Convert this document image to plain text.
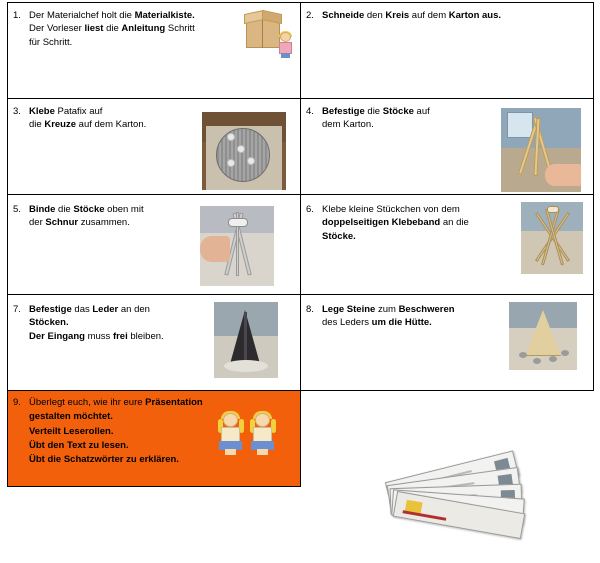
1. Der Materialchef holt die Materialkiste.
Der Vorleser liest die Anleitung Schritt
für Schritt.

2. Schneide den Kreis auf dem Karton aus.

3. Klebe Patafix auf
die Kreuze auf dem Karton.

4. Befestige die Stöcke auf
dem Karton.

5. Binde die Stöcke oben mit
der Schnur zusammen.

6. Klebe kleine Stückchen von dem
doppelseitigen Klebeband an die
Stöcke.

7. Befestige das Leder an den
Stöcken.
Der Eingang muss frei bleiben.

8. Lege Steine zum Beschweren
des Leders um die Hütte.

9. Überlegt euch, wie ihr eure Präsentation
gestalten möchtet.
Verteilt Leserollen.
Übt den Text zu lesen.
Übt die Schatzwörter zu erklären.
